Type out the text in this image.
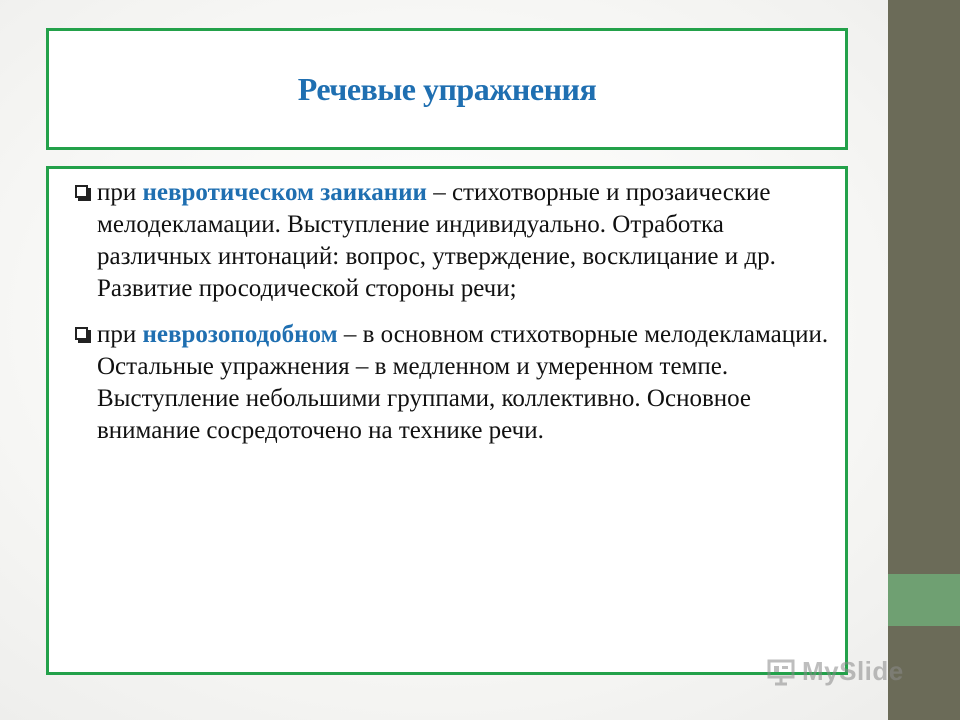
Речевые упражнения
при невротическом заикании – стихотворные и прозаические мелодекламации. Выступление индивидуально. Отработка различных интонаций: вопрос, утверждение, восклицание и др. Развитие просодической стороны речи;
при неврозоподобном – в основном стихотворные мелодекламации. Остальные упражнения – в медленном и умеренном темпе. Выступление небольшими группами, коллективно. Основное внимание сосредоточено на технике речи.
MySlide
